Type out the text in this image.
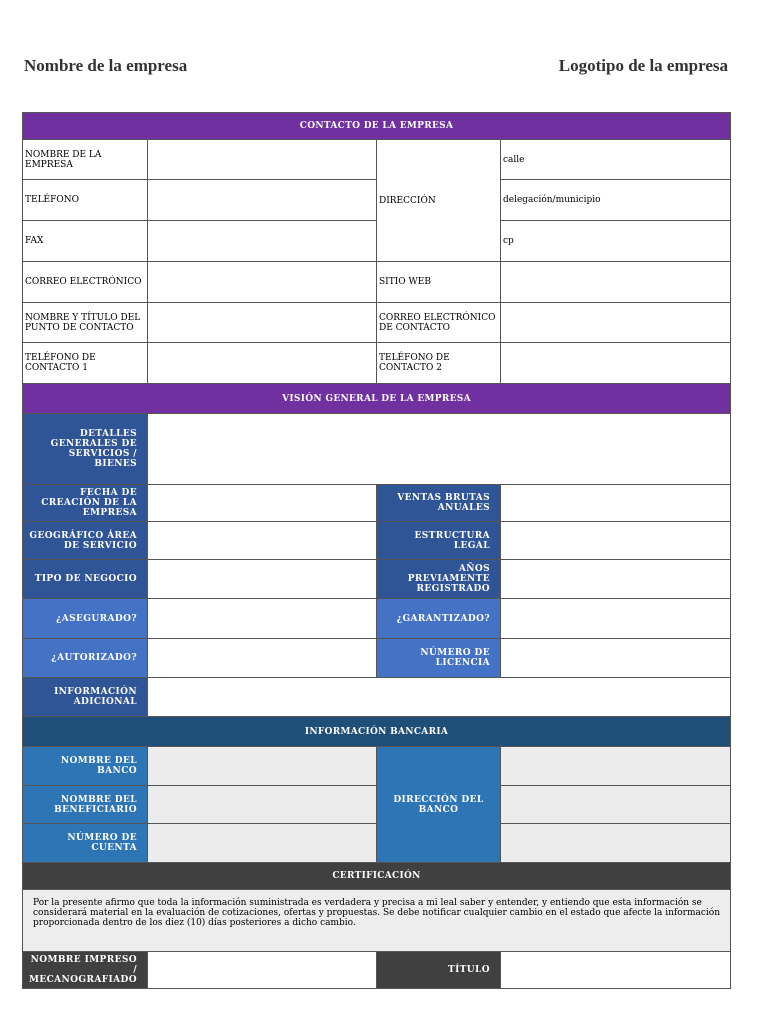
Nombre de la empresa	Logotipo de la empresa
CONTACTO DE LA EMPRESA			
NOMBRE DE LA EMPRESA		DIRECCIÓN	calle
TELÉFONO			delegación/municipio
FAX			cp
CORREO ELECTRÓNICO		SITIO WEB	
NOMBRE Y TÍTULO DEL PUNTO DE CONTACTO		CORREO ELECTRÓNICO DE CONTACTO	
TELÉFONO DE CONTACTO 1		TELÉFONO DE CONTACTO 2	
VISIÓN GENERAL DE LA EMPRESA			
DETALLES GENERALES DE SERVICIOS / BIENES			
FECHA DE CREACIÓN DE LA EMPRESA		VENTAS BRUTAS ANUALES	
GEOGRÁFICO ÁREA DE SERVICIO		ESTRUCTURA LEGAL	
TIPO DE NEGOCIO		AÑOS PREVIAMENTE REGISTRADO	
¿ASEGURADO?		¿GARANTIZADO?	
¿AUTORIZADO?		NÚMERO DE LICENCIA	
INFORMACIÓN ADICIONAL			
INFORMACIÓN BANCARIA			
NOMBRE DEL BANCO		DIRECCIÓN DEL BANCO	
NOMBRE DEL BENEFICIARIO			
NÚMERO DE CUENTA			
CERTIFICACIÓN			
Por la presente afirmo que toda la información suministrada es verdadera y precisa a mi leal saber y entender, y entiendo que esta información se considerará material en la evaluación de cotizaciones, ofertas y propuestas. Se debe notificar cualquier cambio en el estado que afecte la información proporcionada dentro de los diez (10) días posteriores a dicho cambio.			
NOMBRE IMPRESO / MECANOGRAFIADO		TÍTULO	
